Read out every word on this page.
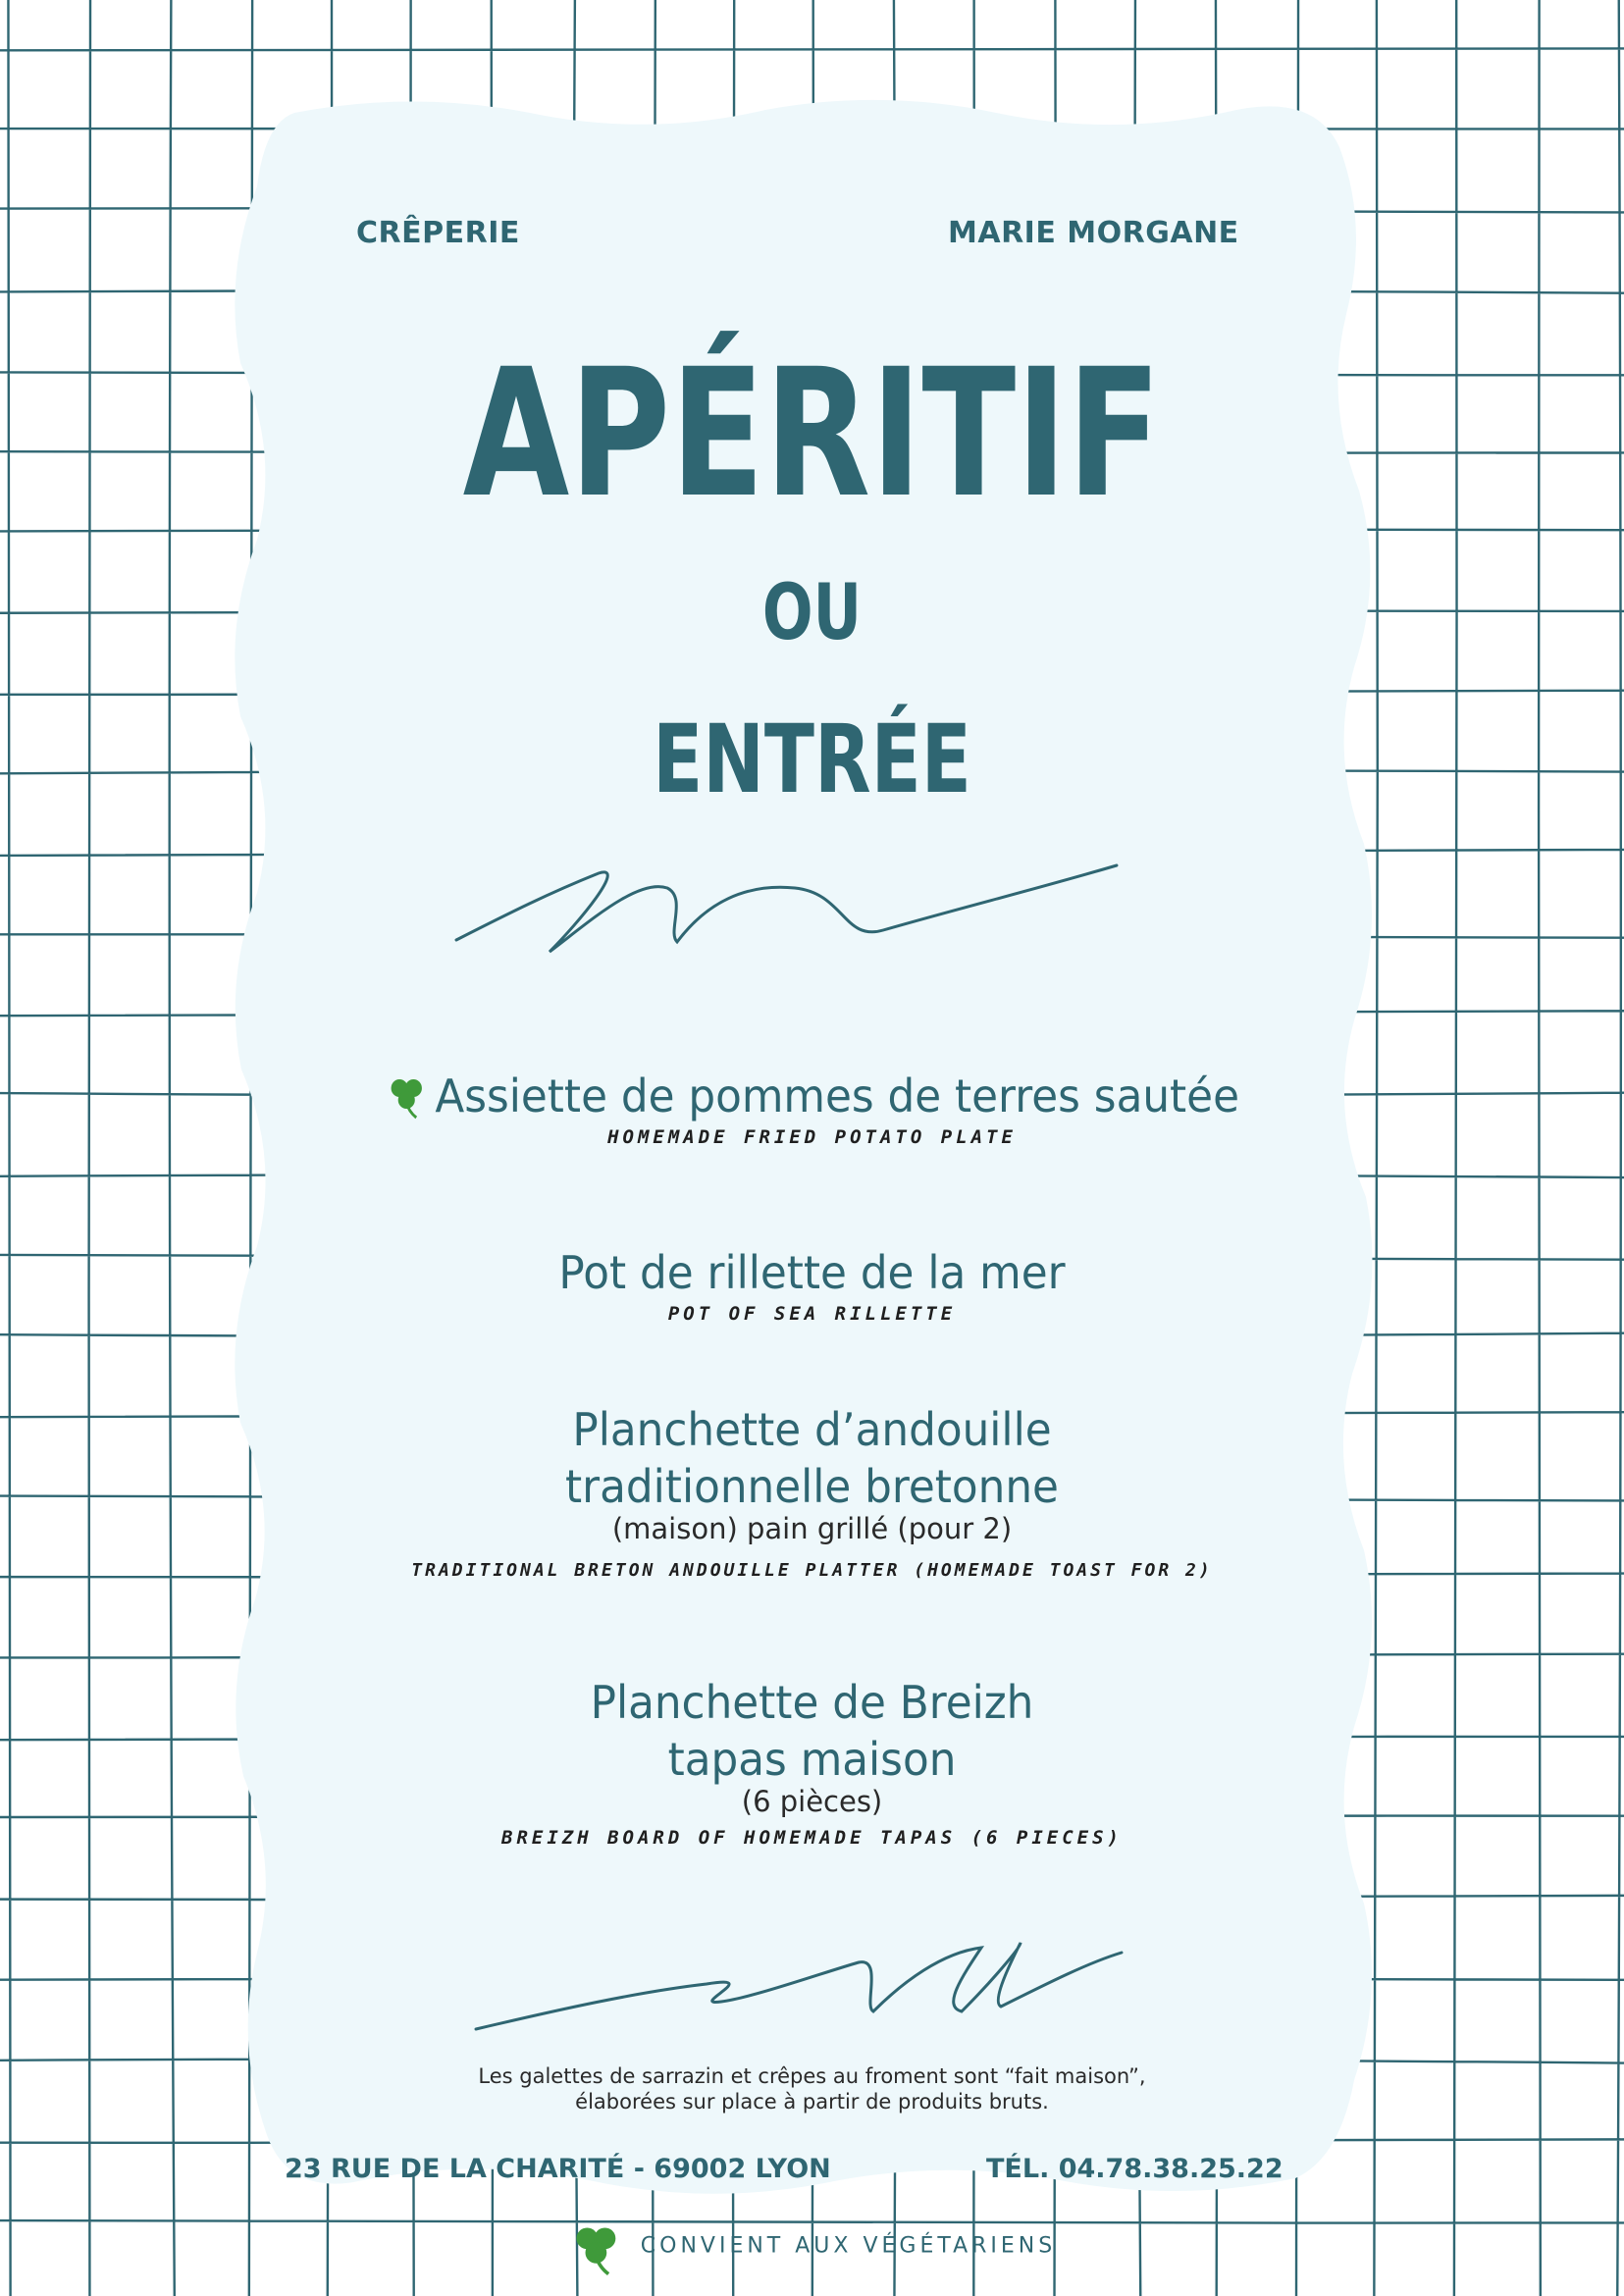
CRÊPERIE	MARIE MORGANE
APÉRITIF
OU
ENTRÉE
Assiette de pommes de terres sautée
HOMEMADE FRIED POTATO PLATE
Pot de rillette de la mer
POT OF SEA RILLETTE
Planchette d’andouille
traditionnelle bretonne
(maison) pain grillé (pour 2)
TRADITIONAL BRETON ANDOUILLE PLATTER (HOMEMADE TOAST FOR 2)
Planchette de Breizh
tapas maison
(6 pièces)
BREIZH BOARD OF HOMEMADE TAPAS (6 PIECES)
Les galettes de sarrazin et crêpes au froment sont “fait maison”,
élaborées sur place à partir de produits bruts.
23 RUE DE LA CHARITÉ - 69002 LYON	TÉL. 04.78.38.25.22
CONVIENT AUX VÉGÉTARIENS
